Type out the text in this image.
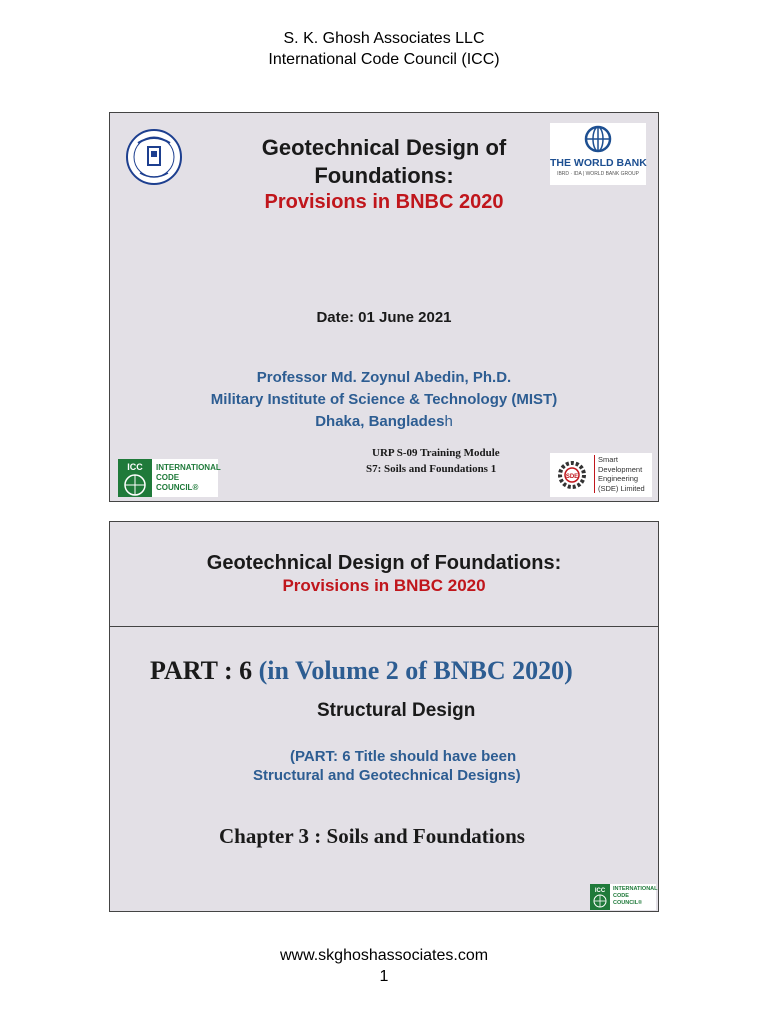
S. K. Ghosh Associates LLC
International Code Council (ICC)
THE WORLD BANK
IBRD · IDA | WORLD BANK GROUP
Geotechnical Design of
Foundations:
Provisions in BNBC 2020
Date: 01 June 2021
Professor Md. Zoynul Abedin, Ph.D.
Military Institute of Science & Technology (MIST)
Dhaka, Bangladesh
ICC INTERNATIONAL
CODE
COUNCIL®
URP S-09 Training Module
S7: Soils and Foundations 1
SDE
Smart
Development
Engineering
(SDE) Limited
Geotechnical Design of Foundations:
Provisions in BNBC 2020
PART : 6 (in Volume 2 of BNBC 2020)
Structural Design
(PART: 6 Title should have been
Structural and Geotechnical Designs)
Chapter 3 : Soils and Foundations
ICC INTERNATIONAL
CODE
COUNCIL®
www.skghoshassociates.com
1
